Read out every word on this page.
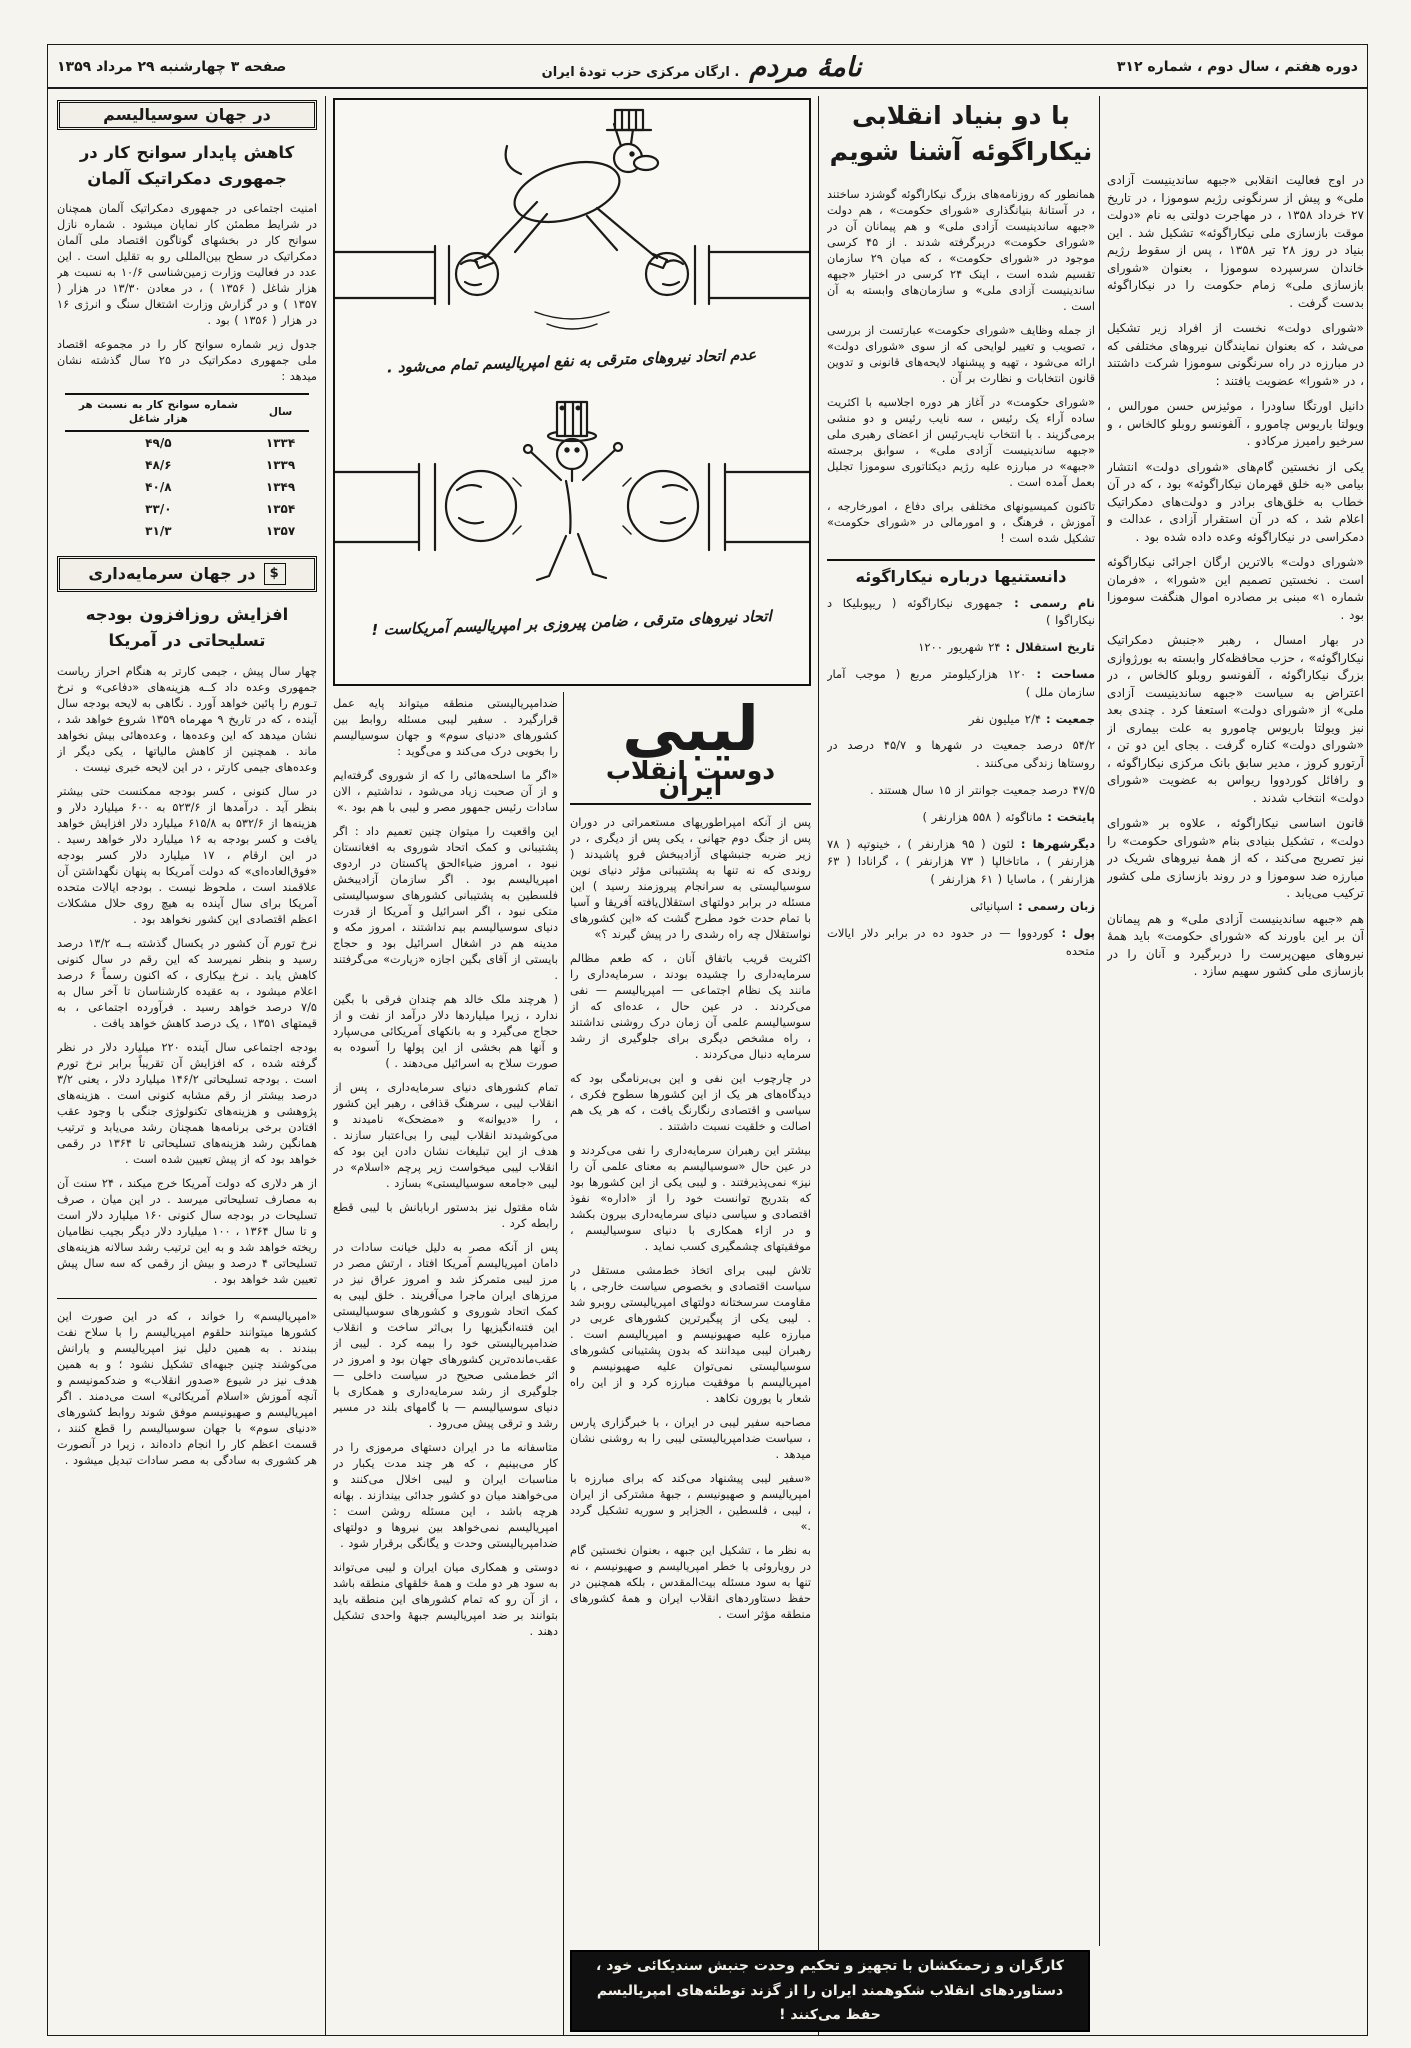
دوره هفتم ، سال دوم ، شماره ۳۱۲
نامهٔ مردم
. ارگان مرکزی حزب تودهٔ ایران
صفحه ۳ چهارشنبه ۲۹ مرداد ۱۳۵۹
در جهان سوسیالیسم
کاهش پایدار سوانح کار در جمهوری دمکراتیک آلمان

امنیت اجتماعی در جمهوری دمکراتیک آلمان همچنان در شرایط مطمئن کار نمایان میشود . شماره نازل سوانح کار در بخشهای گوناگون اقتصاد ملی آلمان دمکراتیک در سطح بین‌المللی رو به تقلیل است . این عدد در فعالیت وزارت زمین‌شناسی ۱۰/۶ به نسبت هر هزار شاغل ( ۱۳۵۶ ) ، در معادن ۱۳/۳۰ در هزار ( ۱۳۵۷ ) و در گزارش وزارت اشتغال سنگ و انرژی ۱۶ در هزار ( ۱۳۵۶ ) بود .

جدول زیر شماره سوانح کار را در مجموعه اقتصاد ملی جمهوری دمکراتیک در ۲۵ سال گذشته نشان میدهد :

سال	شماره سوانح کار به نسبت هر هزار شاغل
۱۳۳۴	۴۹/۵
۱۳۳۹	۴۸/۶
۱۳۴۹	۴۰/۸
۱۳۵۴	۳۳/۰
۱۳۵۷	۳۱/۳
$
در جهان سرمایه‌داری
افزایش روزافزون بودجه
تسلیحاتی در آمریکا

چهار سال پیش ، جیمی کارتر به هنگام احراز ریاست جمهوری وعده داد کــه هزینه‌های «دفاعی» و نرخ تـورم را پائین خواهد آورد . نگاهی به لایحه بودجه سال آینده ، که در تاریخ ۹ مهرماه ۱۳۵۹ شروع خواهد شد ، نشان میدهد که این وعده‌ها ، وعده‌هائی بیش نخواهد ماند . همچنین از کاهش مالیاتها ، یکی دیگر از وعده‌های جیمی کارتر ، در این لایحه خبری نیست .

در سال کنونی ، کسر بودجه ممکنست حتی بیشتر بنظر آید . درآمدها از ۵۲۳/۶ به ۶۰۰ میلیارد دلار و هزینه‌ها از ۵۳۲/۶ به ۶۱۵/۸ میلیارد دلار افزایش خواهد یافت و کسر بودجه به ۱۶ میلیارد دلار خواهد رسید . در این ارقام ، ۱۷ میلیارد دلار کسر بودجه «فوق‌العاده‌ای» که دولت آمریکا به پنهان نگهداشتن آن علاقمند است ، ملحوظ نیست . بودجه ایالات متحده آمریکا برای سال آینده به هیچ روی حلال مشکلات اعظم اقتصادی این کشور نخواهد بود .

نرخ تورم آن کشور در یکسال گذشته بــه ۱۳/۲ درصد رسید و بنظر نمیرسد که این رقم در سال کنونی کاهش یابد . نرخ بیکاری ، که اکنون رسماً ۶ درصد اعلام میشود ، به عقیده کارشناسان تا آخر سال به ۷/۵ درصد خواهد رسید . فرآورده اجتماعی ، به قیمتهای ۱۳۵۱ ، یک درصد کاهش خواهد یافت .

بودجه اجتماعی سال آینده ۲۲۰ میلیارد دلار در نظر گرفته شده ، که افزایش آن تقریباً برابر نرخ تورم است . بودجه تسلیحاتی ۱۴۶/۲ میلیارد دلار ، یعنی ۳/۲ درصد بیشتر از رقم مشابه کنونی است . هزینه‌های پژوهشی و هزینه‌های تکنولوژی جنگی با وجود عقب افتادن برخی برنامه‌ها همچنان رشد می‌یابد و ترتیب همانگین رشد هزینه‌های تسلیحاتی تا ۱۳۶۴ در رقمی خواهد بود که از پیش تعیین شده است .

از هر دلاری که دولت آمریکا خرج میکند ، ۲۴ سنت آن به مصارف تسلیحاتی میرسد . در این میان ، صرف تسلیحات در بودجه سال کنونی ۱۶۰ میلیارد دلار است و تا سال ۱۳۶۴ ، ۱۰۰ میلیارد دلار دیگر بجیب نظامیان ریخته خواهد شد و به این ترتیب رشد سالانه هزینه‌های تسلیحاتی ۴ درصد و بیش از رقمی که سه سال پیش تعیین شد خواهد بود .

«امپریالیسم» را خواند ، که در این صورت این کشورها میتوانند حلقوم امپریالیسم را با سلاح نفت ببندند . به همین دلیل نیز امپریالیسم و یارانش می‌کوشند چنین جبهه‌ای تشکیل نشود ؛ و به همین هدف نیز در شیوع «صدور انقلاب» و ضدکمونیسم و آنچه آموزش «اسلام آمریکائی» است می‌دمند . اگر امپریالیسم و صهیونیسم موفق شوند روابط کشورهای «دنیای سوم» با جهان سوسیالیسم را قطع کنند ، قسمت اعظم کار را انجام داده‌اند ، زیرا در آنصورت هر کشوری به سادگی به مصر سادات تبدیل میشود .

عدم اتحاد نیروهای مترقی به نفع امپریالیسم تمام می‌شود .
اتحاد نیروهای مترقی ، ضامن پیروزی بر امپریالیسم آمریکاست !

ضدامپریالیستی منطقه میتواند پایه عمل قرارگیرد . سفیر لیبی مسئله روابط بین کشورهای «دنیای سوم» و جهان سوسیالیسم را بخوبی درک می‌کند و می‌گوید :

«اگر ما اسلحه‌هائی را که از شوروی گرفته‌ایم و از آن صحبت زیاد می‌شود ، نداشتیم ، الان سادات رئیس جمهور مصر و لیبی با هم بود .»

این واقعیت را میتوان چنین تعمیم داد : اگر پشتیبانی و کمک اتحاد شوروی به افغانستان نبود ، امروز ضیاءالحق پاکستان در اردوی امپریالیسم بود . اگر سازمان آزادیبخش فلسطین به پشتیبانی کشورهای سوسیالیستی متکی نبود ، اگر اسرائیل و آمریکا از قدرت دنیای سوسیالیسم بیم نداشتند ، امروز مکه و مدینه هم در اشغال اسرائیل بود و حجاج بایستی از آقای بگین اجازه «زیارت» می‌گرفتند .

( هرچند ملک خالد هم چندان فرقی با بگین ندارد ، زیرا میلیاردها دلار درآمد از نفت و از حجاج می‌گیرد و به بانکهای آمریکائی می‌سپارد و آنها هم بخشی از این پولها را آسوده به صورت سلاح به اسرائیل می‌دهند . )

تمام کشورهای دنیای سرمایه‌داری ، پس از انقلاب لیبی ، سرهنگ قذافی ، رهبر این کشور ، را «دیوانه» و «مضحک» نامیدند و می‌کوشیدند انقلاب لیبی را بی‌اعتبار سازند . هدف از این تبلیغات نشان دادن این بود که انقلاب لیبی میخواست زیر پرچم «اسلام» در لیبی «جامعه سوسیالیستی» بسازد .

شاه مقتول نیز بدستور اربابانش با لیبی قطع رابطه کرد .

پس از آنکه مصر به دلیل خیانت سادات در دامان امپریالیسم آمریکا افتاد ، ارتش مصر در مرز لیبی متمرکز شد و امروز عراق نیز در مرزهای ایران ماجرا می‌آفریند . خلق لیبی به کمک اتحاد شوروی و کشورهای سوسیالیستی این فتنه‌انگیزیها را بی‌اثر ساخت و انقلاب ضدامپریالیستی خود را بیمه کرد . لیبی از عقب‌مانده‌ترین کشورهای جهان بود و امروز در اثر خط‌مشی صحیح در سیاست داخلی — جلوگیری از رشد سرمایه‌داری و همکاری با دنیای سوسیالیسم — با گامهای بلند در مسیر رشد و ترقی پیش می‌رود .

متاسفانه ما در ایران دستهای مرموزی را در کار می‌بینیم ، که هر چند مدت یکبار در مناسبات ایران و لیبی اخلال می‌کنند و می‌خواهند میان دو کشور جدائی بیندازند . بهانه هرچه باشد ، این مسئله روشن است : امپریالیسم نمی‌خواهد بین نیروها و دولتهای ضدامپریالیستی وحدت و یگانگی برقرار شود .

دوستی و همکاری میان ایران و لیبی می‌تواند به سود هر دو ملت و همهٔ خلقهای منطقه باشد ، از آن رو که تمام کشورهای این منطقه باید بتوانند بر ضد امپریالیسم جبههٔ واحدی تشکیل دهند .

لیبی
دوست انقلاب ایران

پس از آنکه امپراطوریهای مستعمراتی در دوران پس از جنگ دوم جهانی ، یکی پس از دیگری ، در زیر ضربه جنبشهای آزادیبخش فرو پاشیدند ( روندی که نه تنها به پشتیبانی مؤثر دنیای نوین سوسیالیستی به سرانجام پیروزمند رسید ) این مسئله در برابر دولتهای استقلال‌یافته آفریقا و آسیا با تمام حدت خود مطرح گشت که «این کشورهای نواستقلال چه راه رشدی را در پیش گیرند ؟»

اکثریت قریب باتفاق آنان ، که طعم مظالم سرمایه‌داری را چشیده بودند ، سرمایه‌داری را مانند یک نظام اجتماعی — امپریالیسم — نفی می‌کردند . در عین حال ، عده‌ای که از سوسیالیسم علمی آن زمان درک روشنی نداشتند ، راه مشخص دیگری برای جلوگیری از رشد سرمایه دنبال می‌کردند .

در چارچوب این نفی و این بی‌برنامگی بود که دیدگاه‌های هر یک از این کشورها سطوح فکری ، سیاسی و اقتصادی رنگارنگ یافت ، که هر یک هم اصالت و خلقیت نسبت داشتند .

بیشتر این رهبران سرمایه‌داری را نفی می‌کردند و در عین حال «سوسیالیسم به معنای علمی آن را نیز» نمی‌پذیرفتند . و لیبی یکی از این کشورها بود که بتدریج توانست خود را از «اداره» نفوذ اقتصادی و سیاسی دنیای سرمایه‌داری بیرون بکشد و در ازاء همکاری با دنیای سوسیالیسم ، موفقیتهای چشمگیری کسب نماید .

تلاش لیبی برای اتخاذ خط‌مشی مستقل در سیاست اقتصادی و بخصوص سیاست خارجی ، با مقاومت سرسختانه دولتهای امپریالیستی روبرو شد . لیبی یکی از پیگیرترین کشورهای عربی در مبارزه علیه صهیونیسم و امپریالیسم است . رهبران لیبی میدانند که بدون پشتیبانی کشورهای سوسیالیستی نمی‌توان علیه صهیونیسم و امپریالیسم با موفقیت مبارزه کرد و از این راه شعار با یورون نکاهد .

مصاحبه سفیر لیبی در ایران ، با خبرگزاری پارس ، سیاست ضدامپریالیستی لیبی را به روشنی نشان میدهد .

«سفیر لیبی پیشنهاد می‌کند که برای مبارزه با امپریالیسم و صهیونیسم ، جبههٔ مشترکی از ایران ، لیبی ، فلسطین ، الجزایر و سوریه تشکیل گردد .»

به نظر ما ، تشکیل این جبهه ، بعنوان نخستین گام در رویاروئی با خطر امپریالیسم و صهیونیسم ، نه تنها به سود مسئله بیت‌المقدس ، بلکه همچنین در حفظ دستاوردهای انقلاب ایران و همهٔ کشورهای منطقه مؤثر است .

با دو بنیاد انقلابی
نیکاراگوئه آشنا شویم

همانطور که روزنامه‌های بزرگ نیکاراگوئه گوشزد ساختند ، در آستانهٔ بنیانگذاری «شورای حکومت» ، هم دولت «جبهه ساندینیست آزادی ملی» و هم پیمانان آن در «شورای حکومت» دربرگرفته شدند . از ۴۵ کرسی موجود در «شورای حکومت» ، که میان ۲۹ سازمان تقسیم شده است ، اینک ۲۴ کرسی در اختیار «جبهه ساندینیست آزادی ملی» و سازمان‌های وابسته به آن است .

از جمله وظایف «شورای حکومت» عبارتست از بررسی ، تصویب و تغییر لوایحی که از سوی «شورای دولت» ارائه می‌شود ، تهیه و پیشنهاد لایحه‌های قانونی و تدوین قانون انتخابات و نظارت بر آن .

«شورای حکومت» در آغاز هر دوره اجلاسیه با اکثریت ساده آراء یک رئیس ، سه نایب رئیس و دو منشی برمی‌گزیند . با انتخاب نایب‌رئیس از اعضای رهبری ملی «جبهه ساندینیست آزادی ملی» ، سوابق برجسته «جبهه» در مبارزه علیه رژیم دیکتاتوری سوموزا تجلیل بعمل آمده است .

تاکنون کمیسیونهای مختلفی برای دفاع ، امورخارجه ، آموزش ، فرهنگ ، و امورمالی در «شورای حکومت» تشکیل شده است !

دانستنیها درباره نیکاراگوئه
نام رسمی : جمهوری نیکاراگوئه ( ریپوبلیکا د نیکاراگوا )
تاریخ استقلال : ۲۴ شهریور ۱۲۰۰
مساحت : ۱۲۰ هزارکیلومتر مربع ( موجب آمار سازمان ملل )
جمعیت : ۲/۴ میلیون نفر
۵۴/۲ درصد جمعیت در شهرها و ۴۵/۷ درصد در روستاها زندگی می‌کنند .
۴۷/۵ درصد جمعیت جوانتر از ۱۵ سال هستند .
پایتخت : ماناگوئه ( ۵۵۸ هزارنفر )
دیگرشهرها : لئون ( ۹۵ هزارنفر ) ، خینوتپه ( ۷۸ هزارنفر ) ، ماتاخالپا ( ۷۳ هزارنفر ) ، گرانادا ( ۶۳ هزارنفر ) ، ماسایا ( ۶۱ هزارنفر )
زبان رسمی : اسپانیائی
پول : کوردووا — در حدود ده در برابر دلار ایالات متحده

در اوج فعالیت انقلابی «جبهه ساندینیست آزادی ملی» و پیش از سرنگونی رژیم سوموزا ، در تاریخ ۲۷ خرداد ۱۳۵۸ ، در مهاجرت دولتی به نام «دولت موقت بازسازی ملی نیکاراگوئه» تشکیل شد . این بنیاد در روز ۲۸ تیر ۱۳۵۸ ، پس از سقوط رژیم خاندان سرسپرده سوموزا ، بعنوان «شورای بازسازی ملی» زمام حکومت را در نیکاراگوئه بدست گرفت .

«شورای دولت» نخست از افراد زیر تشکیل می‌شد ، که بعنوان نمایندگان نیروهای مختلفی که در مبارزه در راه سرنگونی سوموزا شرکت داشتند ، در «شورا» عضویت یافتند :

دانیل اورتگا ساودرا ، موئیزس حسن مورالس ، ویولتا باریوس چامورو ، آلفونسو روبلو کالخاس ، و سرخیو رامیرز مرکادو .

یکی از نخستین گام‌های «شورای دولت» انتشار بیامی «به خلق قهرمان نیکاراگوئه» بود ، که در آن خطاب به خلق‌های برادر و دولت‌های دمکراتیک اعلام شد ، که در آن استقرار آزادی ، عدالت و دمکراسی در نیکاراگوئه وعده داده شده بود .

«شورای دولت» بالاترین ارگان اجرائی نیکاراگوئه است . نخستین تصمیم این «شورا» ، «فرمان شماره ۱» مبنی بر مصادره اموال هنگفت سوموزا بود .

در بهار امسال ، رهبر «جنبش دمکراتیک نیکاراگوئه» ، حزب محافظه‌کار وابسته به بورژوازی بزرگ نیکاراگوئه ، آلفونسو روبلو کالخاس ، در اعتراض به سیاست «جبهه ساندینیست آزادی ملی» از «شورای دولت» استعفا کرد . چندی بعد نیز ویولتا باریوس چامورو به علت بیماری از «شورای دولت» کناره گرفت . بجای این دو تن ، آرتورو کروز ، مدیر سابق بانک مرکزی نیکاراگوئه ، و رافائل کوردووا ریواس به عضویت «شورای دولت» انتخاب شدند .

قانون اساسی نیکاراگوئه ، علاوه بر «شورای دولت» ، تشکیل بنیادی بنام «شورای حکومت» را نیز تصریح می‌کند ، که از همهٔ نیروهای شریک در مبارزه ضد سوموزا و در روند بازسازی ملی کشور ترکیب می‌یابد .

هم «جبهه ساندینیست آزادی ملی» و هم پیمانان آن بر این باورند که «شورای حکومت» باید همهٔ نیروهای میهن‌پرست را دربرگیرد و آنان را در بازسازی ملی کشور سهیم سازد .

کارگران و زحمتکشان با تجهیز و تحکیم وحدت جنبش سندیکائی خود ،

دستاوردهای انقلاب شکوهمند ایران را از گزند توطئه‌های امپریالیسم حفظ می‌کنند !
